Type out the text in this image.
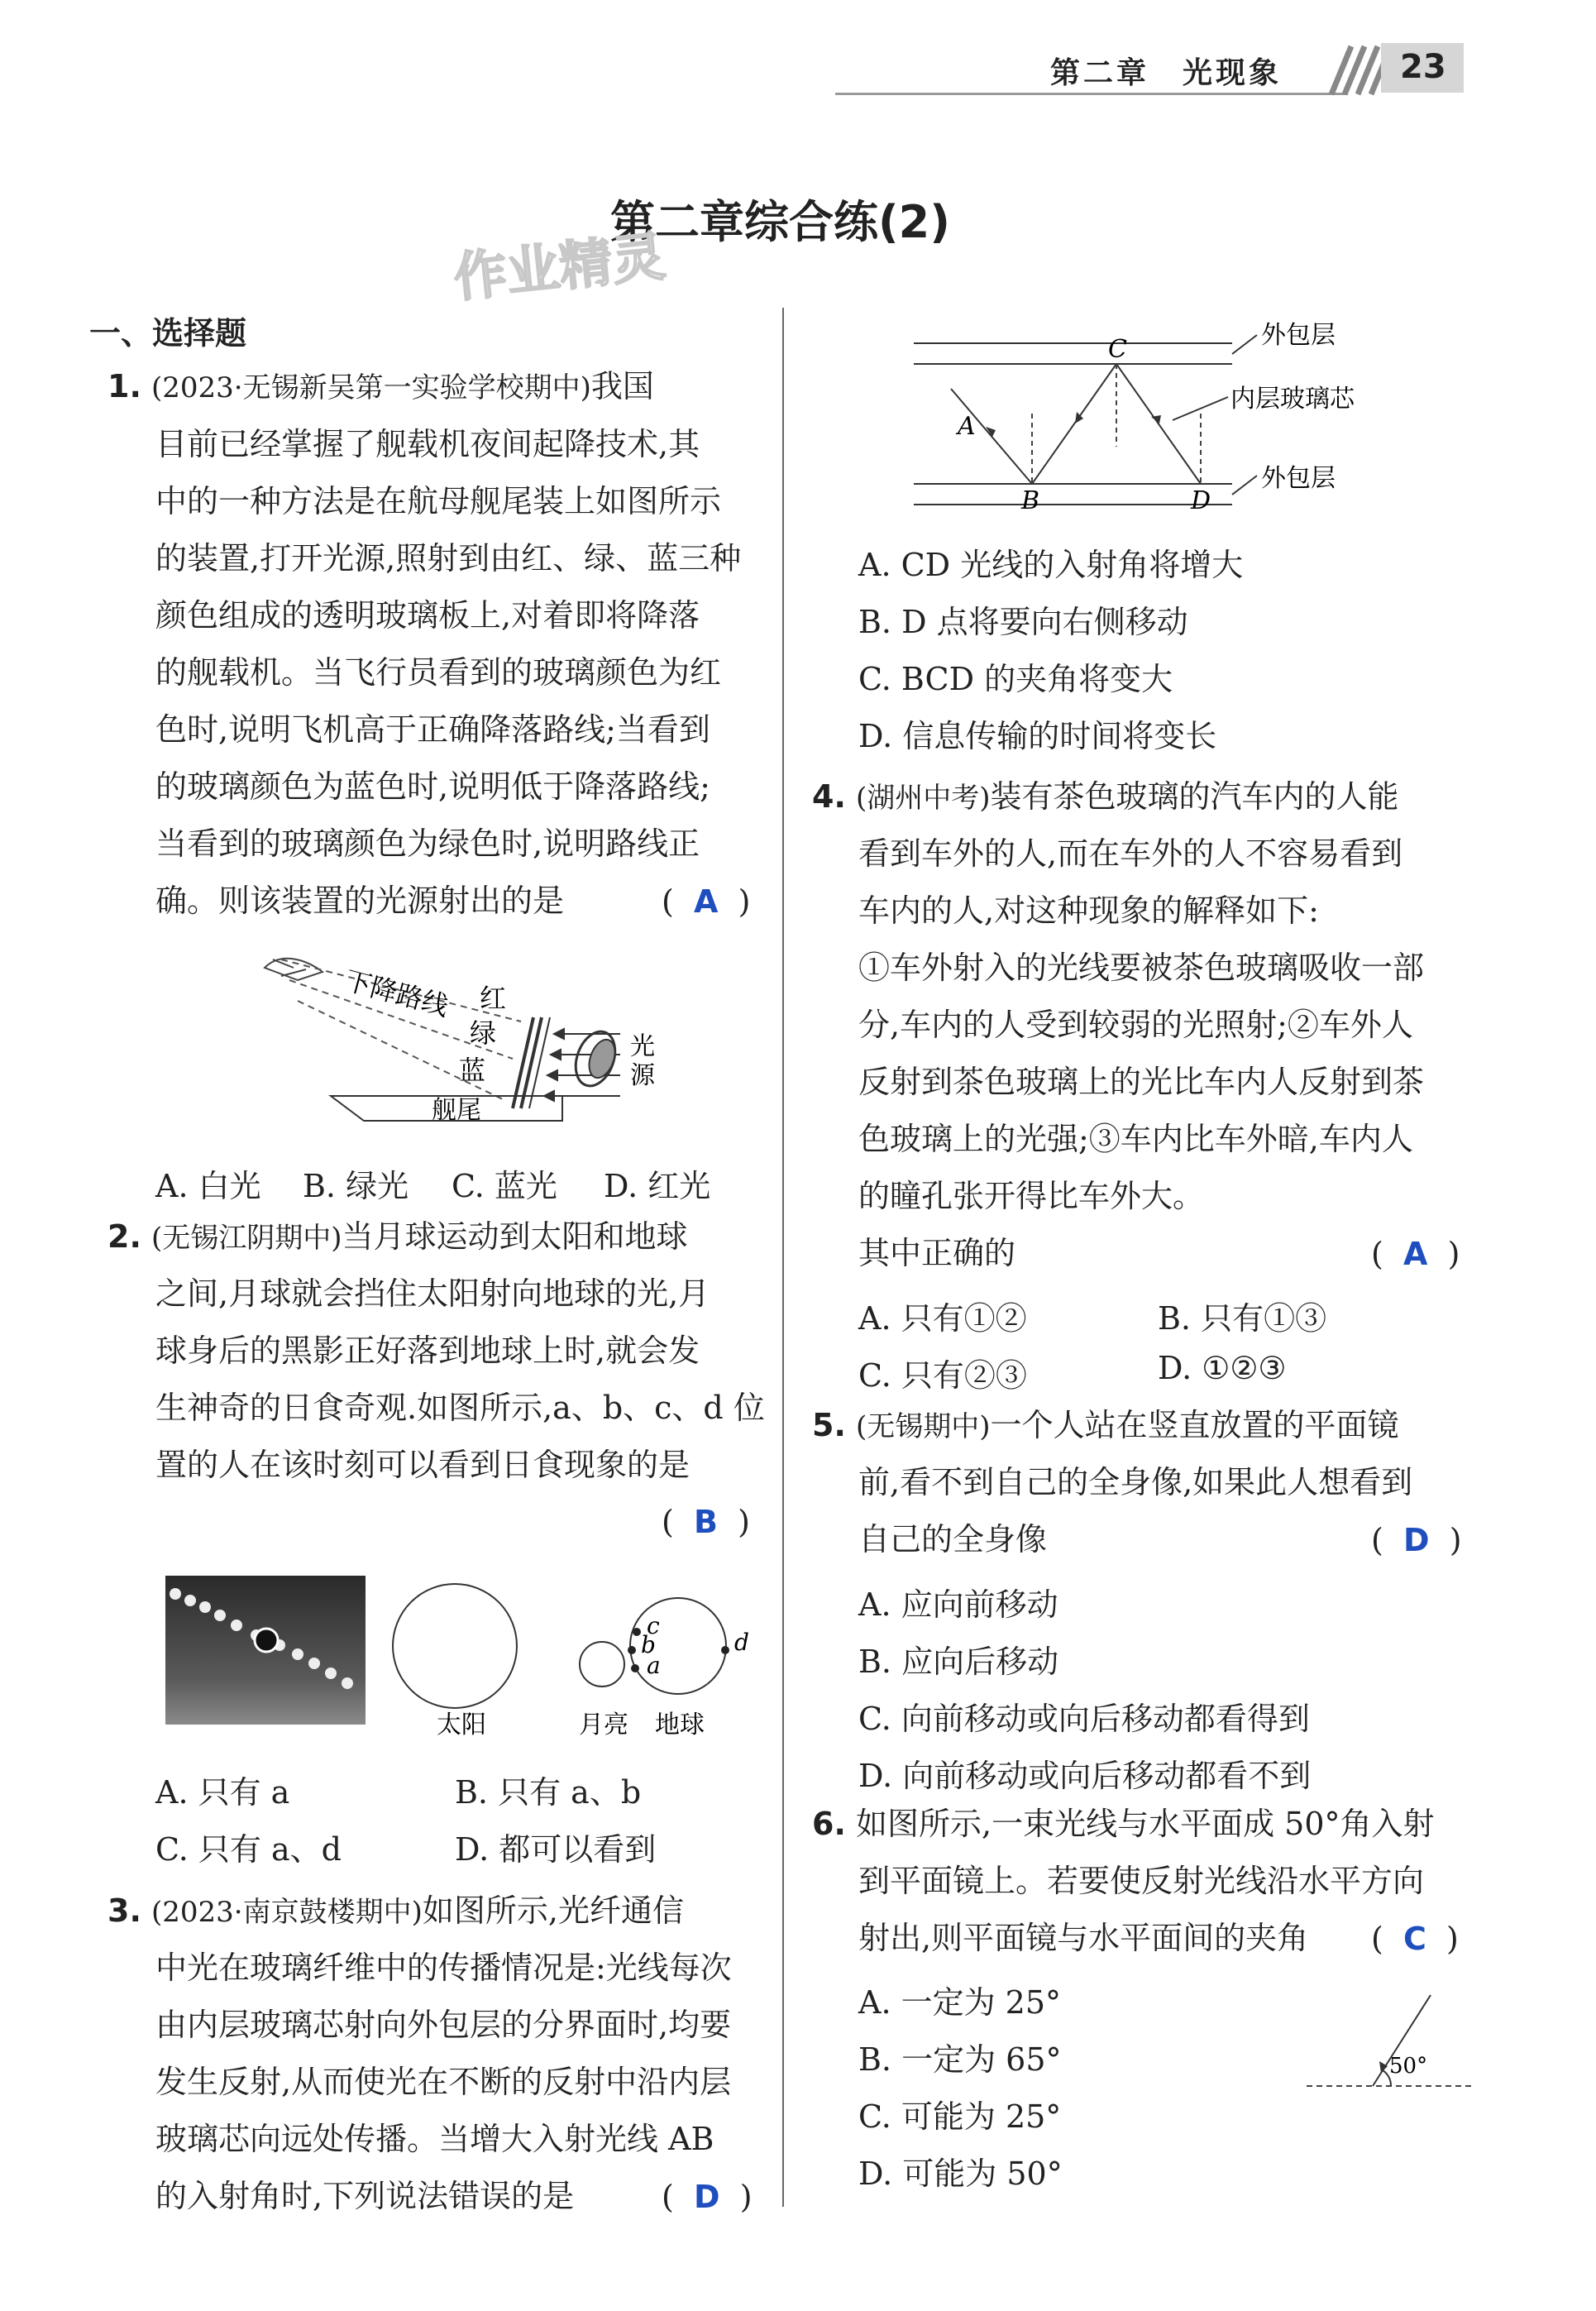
第二章 光现象	23
第二章综合练(2)
作业精灵
一、选择题
1. (2023·无锡新吴第一实验学校期中)我国
目前已经掌握了舰载机夜间起降技术,其
中的一种方法是在航母舰尾装上如图所示
的装置,打开光源,照射到由红、绿、蓝三种
颜色组成的透明玻璃板上,对着即将降落
的舰载机。当飞行员看到的玻璃颜色为红
色时,说明飞机高于正确降落路线;当看到
的玻璃颜色为蓝色时,说明低于降落路线;
当看到的玻璃颜色为绿色时,说明路线正
确。则该装置的光源射出的是	(  A  )
下降路线 红
绿
蓝
光
源
舰尾
A. 白光 B. 绿光 C. 蓝光 D. 红光
2. (无锡江阴期中)当月球运动到太阳和地球
之间,月球就会挡住太阳射向地球的光,月
球身后的黑影正好落到地球上时,就会发
生神奇的日食奇观.如图所示,a、b、c、d 位
置的人在该时刻可以看到日食现象的是
(  B  )
c
b
a
d
太阳	月亮 地球
A. 只有 a	B. 只有 a、b
C. 只有 a、d	D. 都可以看到
3. (2023·南京鼓楼期中)如图所示,光纤通信
中光在玻璃纤维中的传播情况是:光线每次
由内层玻璃芯射向外包层的分界面时,均要
发生反射,从而使光在不断的反射中沿内层
玻璃芯向远处传播。当增大入射光线 AB
的入射角时,下列说法错误的是	(  D  )
C
A
B	D
外包层
内层玻璃芯
外包层
A. CD 光线的入射角将增大
B. D 点将要向右侧移动
C. BCD 的夹角将变大
D. 信息传输的时间将变长
4. (湖州中考)装有茶色玻璃的汽车内的人能
看到车外的人,而在车外的人不容易看到
车内的人,对这种现象的解释如下:
①车外射入的光线要被茶色玻璃吸收一部
分,车内的人受到较弱的光照射;②车外人
反射到茶色玻璃上的光比车内人反射到茶
色玻璃上的光强;③车内比车外暗,车内人
的瞳孔张开得比车外大。
其中正确的	(  A  )
A. 只有①②	B. 只有①③
C. 只有②③	D. ①②③
5. (无锡期中)一个人站在竖直放置的平面镜
前,看不到自己的全身像,如果此人想看到
自己的全身像	(  D  )
A. 应向前移动
B. 应向后移动
C. 向前移动或向后移动都看得到
D. 向前移动或向后移动都看不到
6. 如图所示,一束光线与水平面成 50°角入射
到平面镜上。若要使反射光线沿水平方向
射出,则平面镜与水平面间的夹角 (  C  )
A. 一定为 25°
B. 一定为 65°
C. 可能为 25°
D. 可能为 50°
50°
